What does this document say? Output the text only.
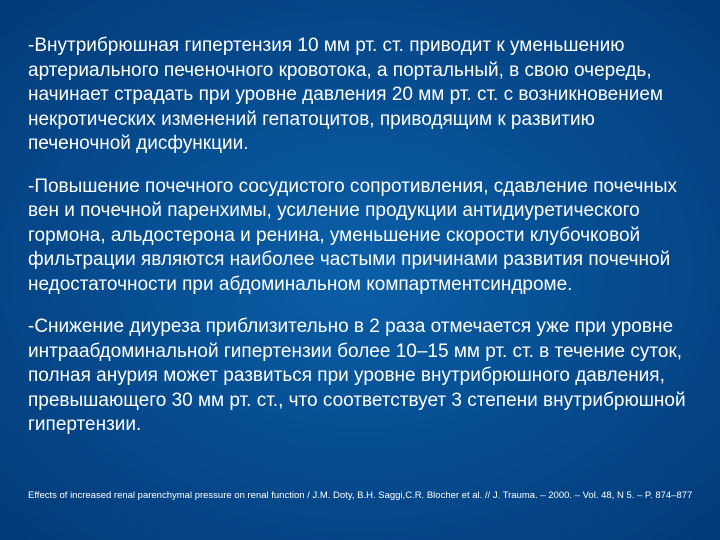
-Внутрибрюшная гипертензия 10 мм рт. ст. приводит к уменьшению артериального печеночного кровотока, а портальный, в свою очередь, начинает страдать при уровне давления 20 мм рт. ст. с возникновением некротических изменений гепатоцитов, приводящим к развитию печеночной дисфункции.

-Повышение почечного сосудистого сопротивления, сдавление почечных вен и почечной паренхимы, усиление продукции антидиуретического гормона, альдостерона и ренина, уменьшение скорости клубочковой фильтрации являются наиболее частыми причинами развития почечной недостаточности при абдоминальном компартментсиндроме.

-Снижение диуреза приблизительно в 2 раза отмечается уже при уровне интраабдоминальной гипертензии более 10–15 мм рт. ст. в течение суток, полная анурия может развиться при уровне внутрибрюшного давления, превышающего 30 мм рт. ст., что соответствует 3 степени внутрибрюшной гипертензии.

Effects of increased renal parenchymal pressure on renal function / J.M. Doty, B.H. Saggi,C.R. Blocher et al. // J. Trauma. – 2000. – Vol. 48, N 5. – P. 874–877
